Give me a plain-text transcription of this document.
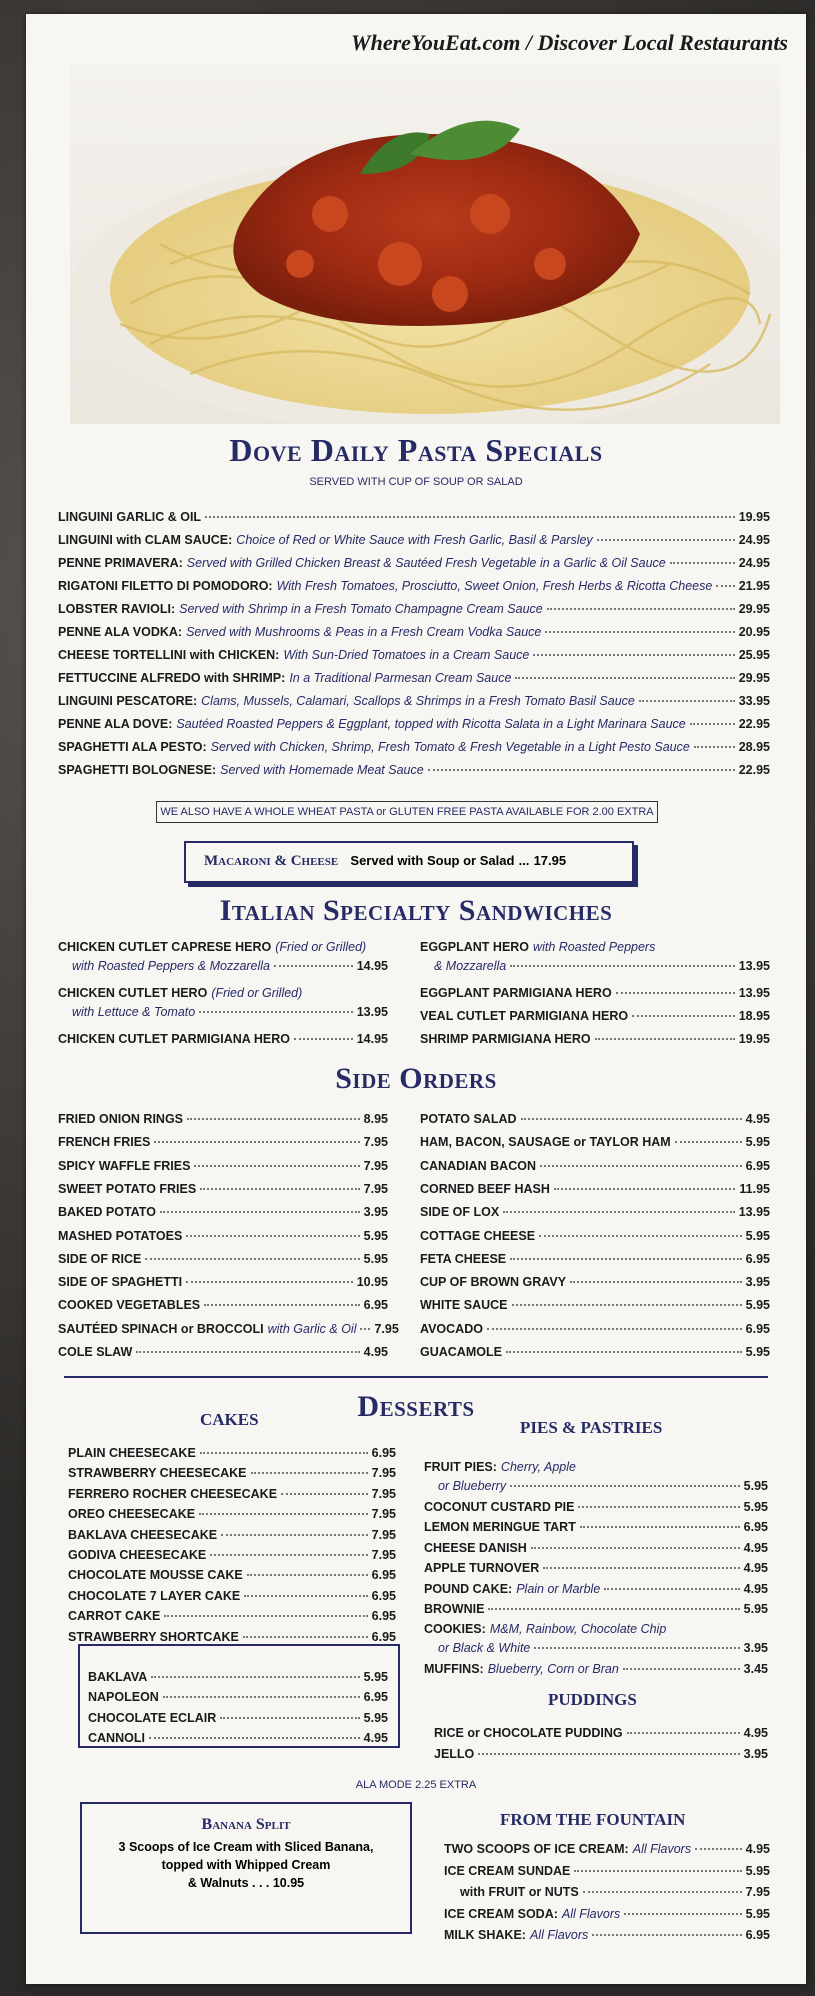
WhereYouEat.com / Discover Local Restaurants
Dove Daily Pasta Specials
SERVED WITH CUP OF SOUP OR SALAD
WE ALSO HAVE A WHOLE WHEAT PASTA or GLUTEN FREE PASTA AVAILABLE FOR 2.00 EXTRA
Macaroni & Cheese Served with Soup or Salad ... 17.95
Italian Specialty Sandwiches
Side Orders
Desserts
CAKES	PIES & PASTRIES
PUDDINGS
ALA MODE 2.25 EXTRA
Banana Split
3 Scoops of Ice Cream with Sliced Banana,
topped with Whipped Cream
& Walnuts . . . 10.95
FROM THE FOUNTAIN
LINGUINI GARLIC & OIL	19.95
LINGUINI with CLAM SAUCE: Choice of Red or White Sauce with Fresh Garlic, Basil & Parsley	24.95
PENNE PRIMAVERA: Served with Grilled Chicken Breast & Sautéed Fresh Vegetable in a Garlic & Oil Sauce	24.95
RIGATONI FILETTO DI POMODORO: With Fresh Tomatoes, Prosciutto, Sweet Onion, Fresh Herbs & Ricotta Cheese 21.95
LOBSTER RAVIOLI: Served with Shrimp in a Fresh Tomato Champagne Cream Sauce	29.95
PENNE ALA VODKA: Served with Mushrooms & Peas in a Fresh Cream Vodka Sauce	20.95
CHEESE TORTELLINI with CHICKEN: With Sun-Dried Tomatoes in a Cream Sauce	25.95
FETTUCCINE ALFREDO with SHRIMP: In a Traditional Parmesan Cream Sauce	29.95
LINGUINI PESCATORE: Clams, Mussels, Calamari, Scallops & Shrimps in a Fresh Tomato Basil Sauce	33.95
PENNE ALA DOVE: Sautéed Roasted Peppers & Eggplant, topped with Ricotta Salata in a Light Marinara Sauce	22.95
SPAGHETTI ALA PESTO: Served with Chicken, Shrimp, Fresh Tomato & Fresh Vegetable in a Light Pesto Sauce	28.95
SPAGHETTI BOLOGNESE: Served with Homemade Meat Sauce	22.95
CHICKEN CUTLET CAPRESE HERO (Fried or Grilled)
with Roasted Peppers & Mozzarella	14.95
CHICKEN CUTLET HERO (Fried or Grilled)
with Lettuce & Tomato	13.95
CHICKEN CUTLET PARMIGIANA HERO	14.95
EGGPLANT HERO with Roasted Peppers
& Mozzarella	13.95
EGGPLANT PARMIGIANA HERO	13.95
VEAL CUTLET PARMIGIANA HERO	18.95
SHRIMP PARMIGIANA HERO	19.95
FRIED ONION RINGS	8.95
FRENCH FRIES	7.95
SPICY WAFFLE FRIES	7.95
SWEET POTATO FRIES	7.95
BAKED POTATO	3.95
MASHED POTATOES	5.95
SIDE OF RICE	5.95
SIDE OF SPAGHETTI	10.95
COOKED VEGETABLES	6.95
SAUTÉED SPINACH or BROCCOLI with Garlic & Oil 7.95
COLE SLAW	4.95
POTATO SALAD	4.95
HAM, BACON, SAUSAGE or TAYLOR HAM	5.95
CANADIAN BACON	6.95
CORNED BEEF HASH	11.95
SIDE OF LOX	13.95
COTTAGE CHEESE	5.95
FETA CHEESE	6.95
CUP OF BROWN GRAVY	3.95
WHITE SAUCE	5.95
AVOCADO	6.95
GUACAMOLE	5.95
PLAIN CHEESECAKE	6.95
STRAWBERRY CHEESECAKE	7.95
FERRERO ROCHER CHEESECAKE	7.95
OREO CHEESECAKE	7.95
BAKLAVA CHEESECAKE	7.95
GODIVA CHEESECAKE	7.95
CHOCOLATE MOUSSE CAKE	6.95
CHOCOLATE 7 LAYER CAKE	6.95
CARROT CAKE	6.95
STRAWBERRY SHORTCAKE	6.95
BAKLAVA	5.95
NAPOLEON	6.95
CHOCOLATE ECLAIR	5.95
CANNOLI	4.95
FRUIT PIES: Cherry, Apple
or Blueberry	5.95
COCONUT CUSTARD PIE	5.95
LEMON MERINGUE TART	6.95
CHEESE DANISH	4.95
APPLE TURNOVER	4.95
POUND CAKE: Plain or Marble	4.95
BROWNIE	5.95
COOKIES: M&M, Rainbow, Chocolate Chip
or Black & White	3.95
MUFFINS: Blueberry, Corn or Bran	3.45
RICE or CHOCOLATE PUDDING	4.95
JELLO	3.95
TWO SCOOPS OF ICE CREAM: All Flavors	4.95
ICE CREAM SUNDAE	5.95
with FRUIT or NUTS	7.95
ICE CREAM SODA: All Flavors	5.95
MILK SHAKE: All Flavors	6.95
